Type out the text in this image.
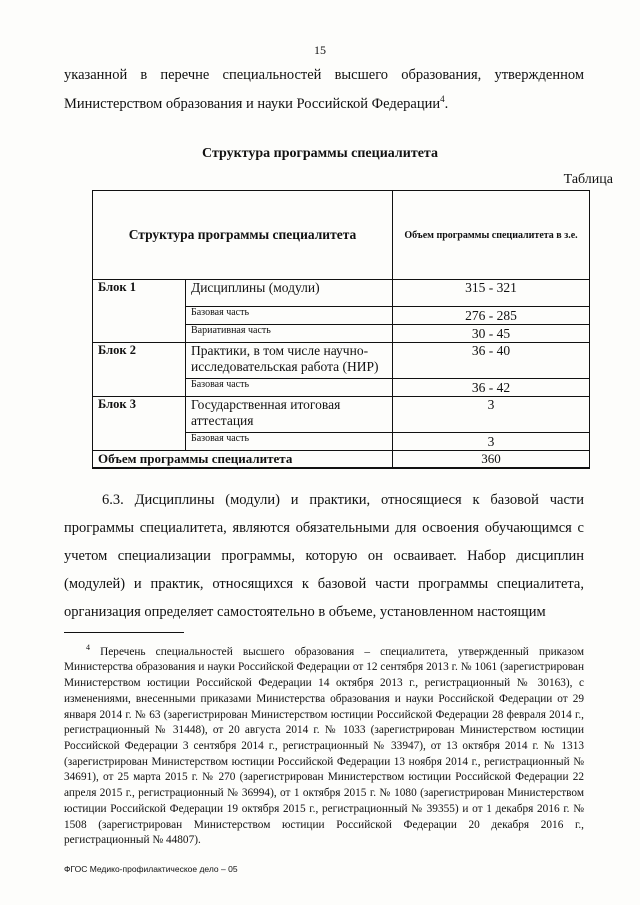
15
указанной в перечне специальностей высшего образования, утвержденном
Министерством образования и науки Российской Федерации$^4$.
Структура программы специалитета
Таблица
Структура программы специалитета		Объем программы специалитета в з.е.
Блок 1	Дисциплины (модули)	315 - 321
	Базовая часть	276 - 285
	Вариативная часть	30 - 45
Блок 2	Практики, в том числе научно-исследовательская работа (НИР)	36 - 40
	Базовая часть	36 - 42
Блок 3	Государственная итоговая аттестация	3
	Базовая часть	3
Объем программы специалитета		360

6.3. Дисциплины (модули) и практики, относящиеся к базовой части программы специалитета, являются обязательными для освоения обучающимся с учетом специализации программы, которую он осваивает. Набор дисциплин (модулей) и практик, относящихся к базовой части программы специалитета, организация определяет самостоятельно в объеме, установленном настоящим

$^4$ Перечень специальностей высшего образования – специалитета, утвержденный приказом Министерства образования и науки Российской Федерации от 12 сентября 2013 г. № 1061 (зарегистрирован Министерством юстиции Российской Федерации 14 октября 2013 г., регистрационный № 30163), с изменениями, внесенными приказами Министерства образования и науки Российской Федерации от 29 января 2014 г. № 63 (зарегистрирован Министерством юстиции Российской Федерации 28 февраля 2014 г., регистрационный № 31448), от 20 августа 2014 г. № 1033 (зарегистрирован Министерством юстиции Российской Федерации 3 сентября 2014 г., регистрационный № 33947), от 13 октября 2014 г. № 1313 (зарегистрирован Министерством юстиции Российской Федерации 13 ноября 2014 г., регистрационный № 34691), от 25 марта 2015 г. № 270 (зарегистрирован Министерством юстиции Российской Федерации 22 апреля 2015 г., регистрационный № 36994), от 1 октября 2015 г. № 1080 (зарегистрирован Министерством юстиции Российской Федерации 19 октября 2015 г., регистрационный № 39355) и от 1 декабря 2016 г. № 1508 (зарегистрирован Министерством юстиции Российской Федерации 20 декабря 2016 г., регистрационный № 44807).

ФГОС Медико-профилактическое дело – 05
